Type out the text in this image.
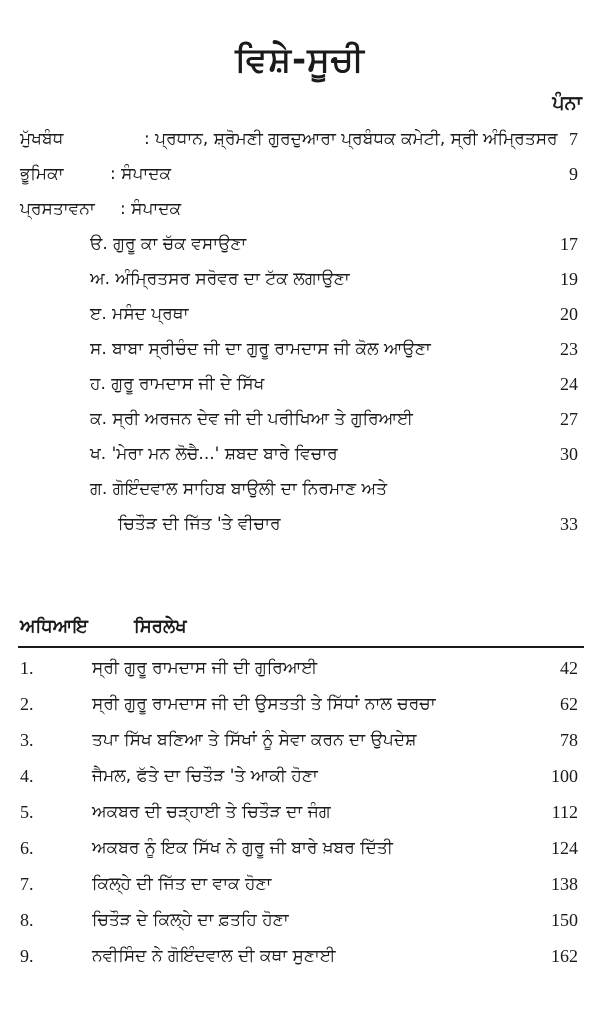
ਵਿਸ਼ੇ-ਸੂਚੀ
ਪੰਨਾ
ਮੁੱਖਬੰਧ	: ਪ੍ਰਧਾਨ, ਸ਼੍ਰੋਮਣੀ ਗੁਰਦੁਆਰਾ ਪ੍ਰਬੰਧਕ ਕਮੇਟੀ, ਸ੍ਰੀ ਅੰਮ੍ਰਿਤਸਰ 7
ਭੂਮਿਕਾ	: ਸੰਪਾਦਕ	9
ਪ੍ਰਸਤਾਵਨਾ : ਸੰਪਾਦਕ
ੳ. ਗੁਰੂ ਕਾ ਚੱਕ ਵਸਾਉਣਾ	17
ਅ. ਅੰਮ੍ਰਿਤਸਰ ਸਰੋਵਰ ਦਾ ਟੱਕ ਲਗਾਉਣਾ	19
ੲ. ਮਸੰਦ ਪ੍ਰਥਾ	20
ਸ. ਬਾਬਾ ਸ੍ਰੀਚੰਦ ਜੀ ਦਾ ਗੁਰੂ ਰਾਮਦਾਸ ਜੀ ਕੋਲ ਆਉਣਾ	23
ਹ. ਗੁਰੂ ਰਾਮਦਾਸ ਜੀ ਦੇ ਸਿੱਖ	24
ਕ. ਸ੍ਰੀ ਅਰਜਨ ਦੇਵ ਜੀ ਦੀ ਪਰੀਖਿਆ ਤੇ ਗੁਰਿਆਈ	27
ਖ. 'ਮੇਰਾ ਮਨ ਲੋਚੈ...' ਸ਼ਬਦ ਬਾਰੇ ਵਿਚਾਰ	30
ਗ. ਗੋਇੰਦਵਾਲ ਸਾਹਿਬ ਬਾਉਲੀ ਦਾ ਨਿਰਮਾਣ ਅਤੇ
ਚਿਤੌੜ ਦੀ ਜਿੱਤ 'ਤੇ ਵੀਚਾਰ	33
ਅਧਿਆਇ	ਸਿਰਲੇਖ
1.	ਸ੍ਰੀ ਗੁਰੂ ਰਾਮਦਾਸ ਜੀ ਦੀ ਗੁਰਿਆਈ	42
2.	ਸ੍ਰੀ ਗੁਰੂ ਰਾਮਦਾਸ ਜੀ ਦੀ ਉਸਤਤੀ ਤੇ ਸਿੱਧਾਂ ਨਾਲ ਚਰਚਾ	62
3.	ਤਪਾ ਸਿੱਖ ਬਣਿਆ ਤੇ ਸਿੱਖਾਂ ਨੂੰ ਸੇਵਾ ਕਰਨ ਦਾ ਉਪਦੇਸ਼	78
4.	ਜੈਮਲ, ਫੱਤੇ ਦਾ ਚਿਤੌੜ 'ਤੇ ਆਕੀ ਹੋਣਾ	100
5.	ਅਕਬਰ ਦੀ ਚੜ੍ਹਾਈ ਤੇ ਚਿਤੌੜ ਦਾ ਜੰਗ	112
6.	ਅਕਬਰ ਨੂੰ ਇਕ ਸਿੱਖ ਨੇ ਗੁਰੂ ਜੀ ਬਾਰੇ ਖ਼ਬਰ ਦਿੱਤੀ	124
7.	ਕਿਲ੍ਹੇ ਦੀ ਜਿੱਤ ਦਾ ਵਾਕ ਹੋਣਾ	138
8.	ਚਿਤੌੜ ਦੇ ਕਿਲ੍ਹੇ ਦਾ ਫ਼ਤਹਿ ਹੋਣਾ	150
9.	ਨਵੀਸਿੰਦ ਨੇ ਗੋਇੰਦਵਾਲ ਦੀ ਕਥਾ ਸੁਣਾਈ	162
